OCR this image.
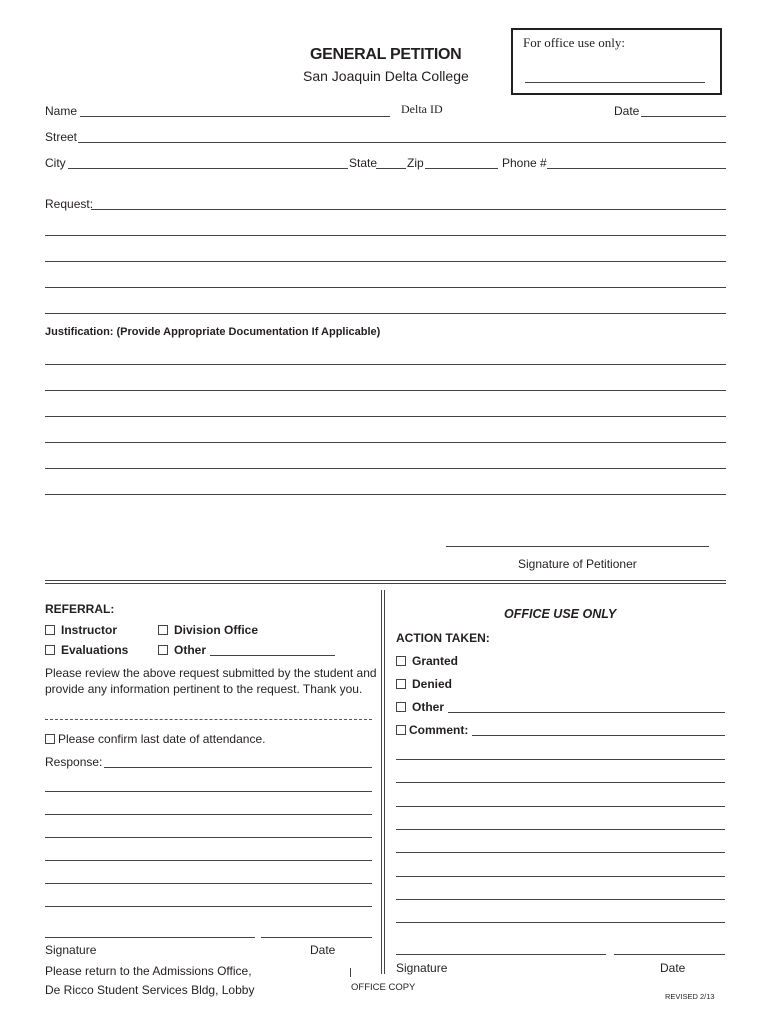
GENERAL PETITION
San Joaquin Delta College
For office use only:
Name	Delta ID	Date
Street
City	State Zip	Phone #
Request:
Justification: (Provide Appropriate Documentation If Applicable)
Signature of Petitioner
REFERRAL:
Instructor	Division Office
Evaluations	Other
Please review the above request submitted by the student and provide any information pertinent to the request. Thank you.
Please confirm last date of attendance.
Response:
Signature	Date
Please return to the Admissions Office,
De Ricco Student Services Bldg, Lobby
OFFICE USE ONLY
ACTION TAKEN:
Granted
Denied
Other
Comment:
Signature	Date
OFFICE COPY
REVISED 2/13
